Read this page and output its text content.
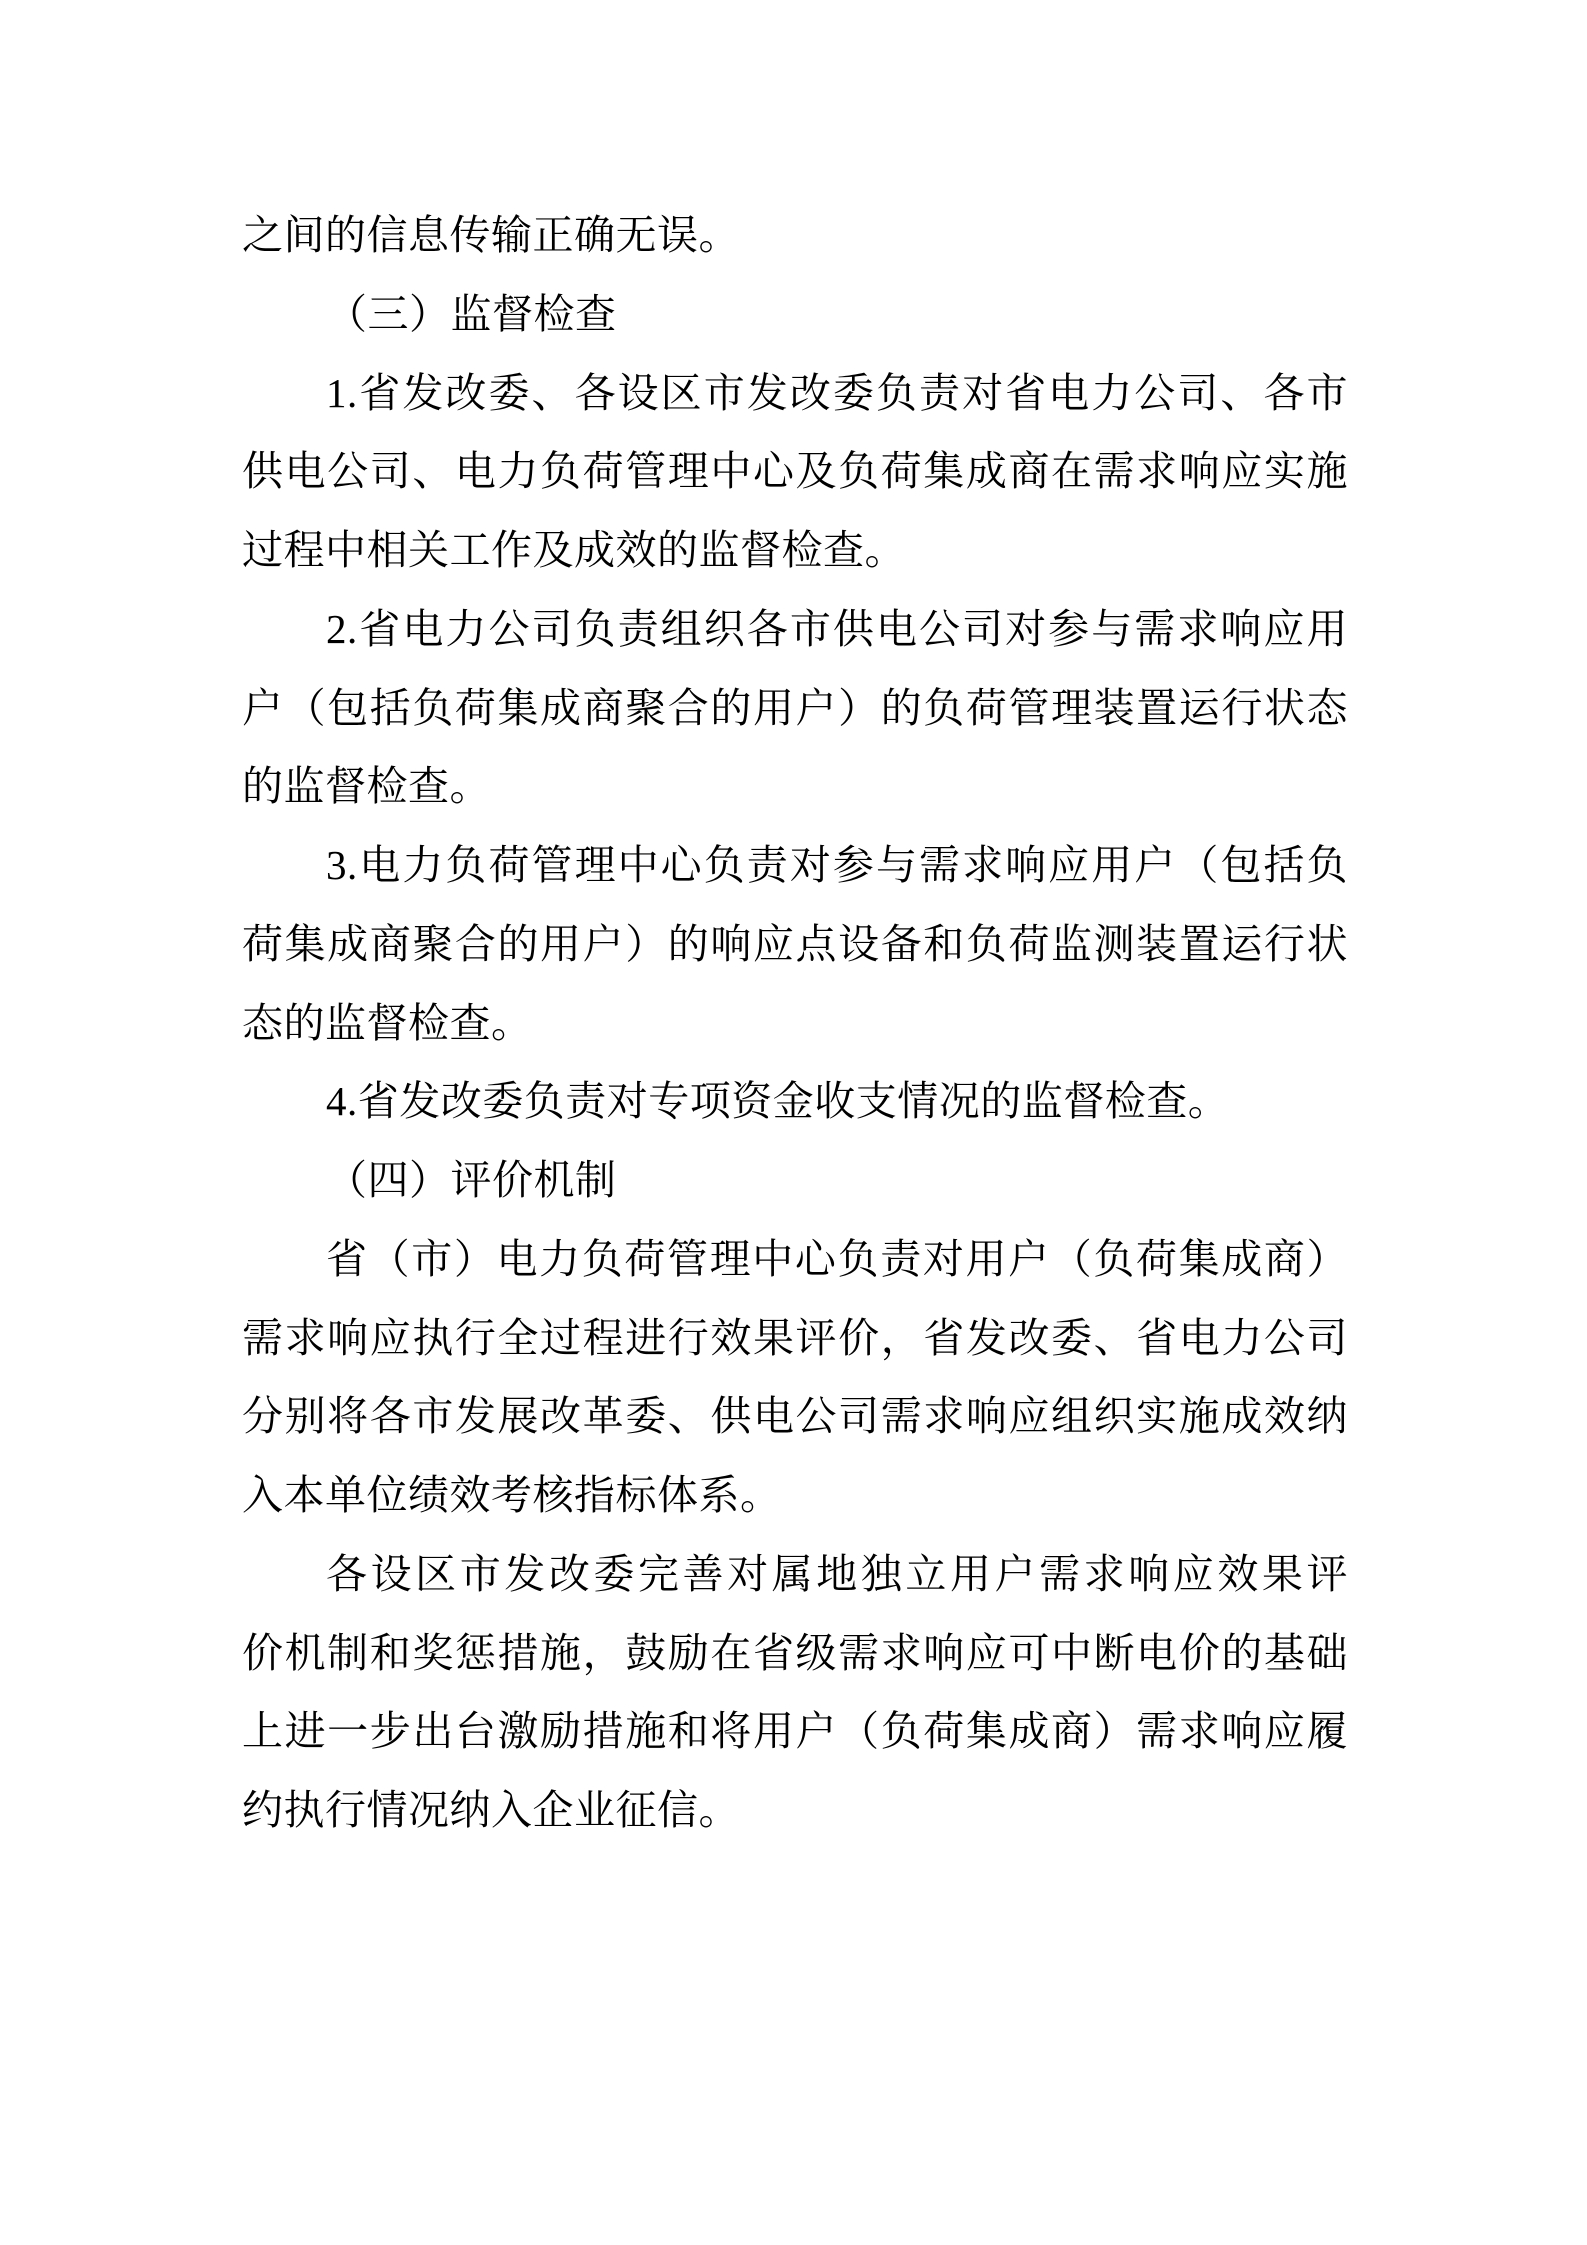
之间的信息传输正确无误。
（三）监督检查
1.省发改委、各设区市发改委负责对省电力公司、各市
供电公司、电力负荷管理中心及负荷集成商在需求响应实施
过程中相关工作及成效的监督检查。
2.省电力公司负责组织各市供电公司对参与需求响应用
户（包括负荷集成商聚合的用户）的负荷管理装置运行状态
的监督检查。
3.电力负荷管理中心负责对参与需求响应用户（包括负
荷集成商聚合的用户）的响应点设备和负荷监测装置运行状
态的监督检查。
4.省发改委负责对专项资金收支情况的监督检查。
（四）评价机制
省（市）电力负荷管理中心负责对用户（负荷集成商）
需求响应执行全过程进行效果评价，省发改委、省电力公司
分别将各市发展改革委、供电公司需求响应组织实施成效纳
入本单位绩效考核指标体系。
各设区市发改委完善对属地独立用户需求响应效果评
价机制和奖惩措施，鼓励在省级需求响应可中断电价的基础
上进一步出台激励措施和将用户（负荷集成商）需求响应履
约执行情况纳入企业征信。
